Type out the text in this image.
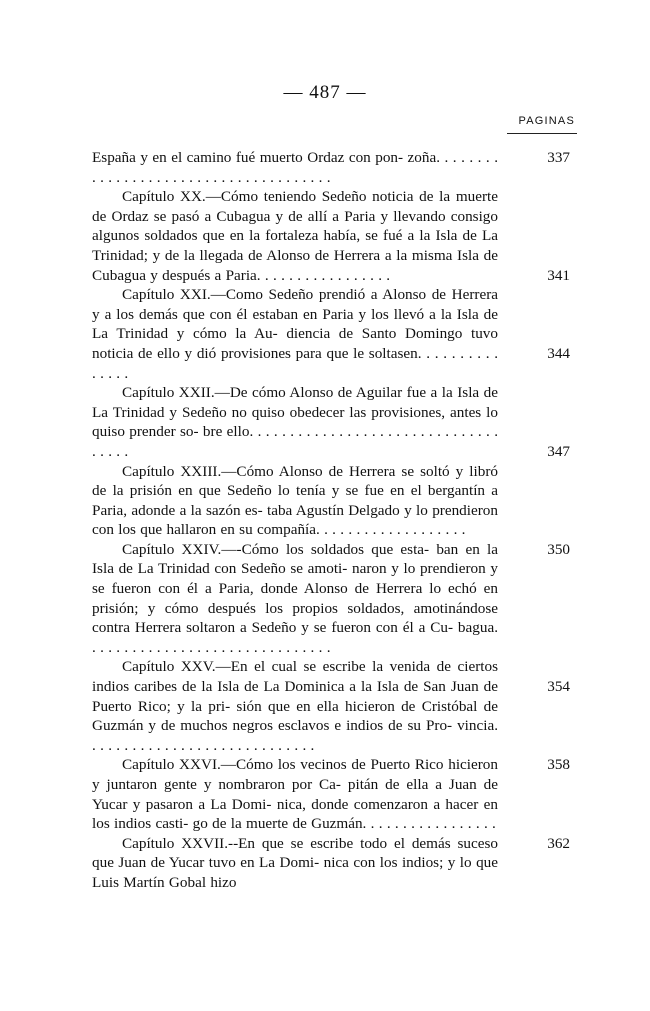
— 487 —
PAGINAS
España y en el camino fué muerto Ordaz con pon- zoña. . . . . . . . . . . . . . . . . . . . . . . . . . . . . . . . . . . . . .
337
Capítulo XX.—Cómo teniendo Sedeño noticia de la muerte de Ordaz se pasó a Cubagua y de allí a Paria y llevando consigo algunos soldados que en la fortaleza había, se fué a la Isla de La Trinidad; y de la llegada de Alonso de Herrera a la misma Isla de Cubagua y después a Paria. . . . . . . . . . . . . . . . .	341
Capítulo XXI.—Como Sedeño prendió a Alonso de Herrera y a los demás que con él estaban en Paria y los llevó a la Isla de La Trinidad y cómo la Au- diencia de Santo Domingo tuvo noticia de ello y dió provisiones para que le soltasen. . . . . . . . . . . . . . .
344
Capítulo XXII.—De cómo Alonso de Aguilar fue a la Isla de La Trinidad y Sedeño no quiso obedecer las provisiones, antes lo quiso prender so- bre ello. . . . . . . . . . . . . . . . . . . . . . . . . . . . . . . . . . . .	347
Capítulo XXIII.—Cómo Alonso de Herrera se soltó y libró de la prisión en que Sedeño lo tenía y se fue en el bergantín a Paria, adonde a la sazón es- taba Agustín Delgado y lo prendieron con los que hallaron en su compañía. . . . . . . . . . . . . . . . . . .
350
Capítulo XXIV.—-Cómo los soldados que esta- ban en la Isla de La Trinidad con Sedeño se amoti- naron y lo prendieron y se fueron con él a Paria, donde Alonso de Herrera lo echó en prisión; y cómo después los propios soldados, amotinándose contra Herrera soltaron a Sedeño y se fueron con él a Cu- bagua. . . . . . . . . . . . . . . . . . . . . . . . . . . . . . .
354
Capítulo XXV.—En el cual se escribe la venida de ciertos indios caribes de la Isla de La Dominica a la Isla de San Juan de Puerto Rico; y la pri- sión que en ella hicieron de Cristóbal de Guzmán y de muchos negros esclavos e indios de su Pro- vincia. . . . . . . . . . . . . . . . . . . . . . . . . . . . .
358
Capítulo XXVI.—Cómo los vecinos de Puerto Rico hicieron y juntaron gente y nombraron por Ca- pitán de ella a Juan de Yucar y pasaron a La Domi- nica, donde comenzaron a hacer en los indios casti- go de la muerte de Guzmán. . . . . . . . . . . . . . . . .
362
Capítulo XXVII.--En que se escribe todo el demás suceso que Juan de Yucar tuvo en La Domi- nica con los indios; y lo que Luis Martín Gobal hizo
